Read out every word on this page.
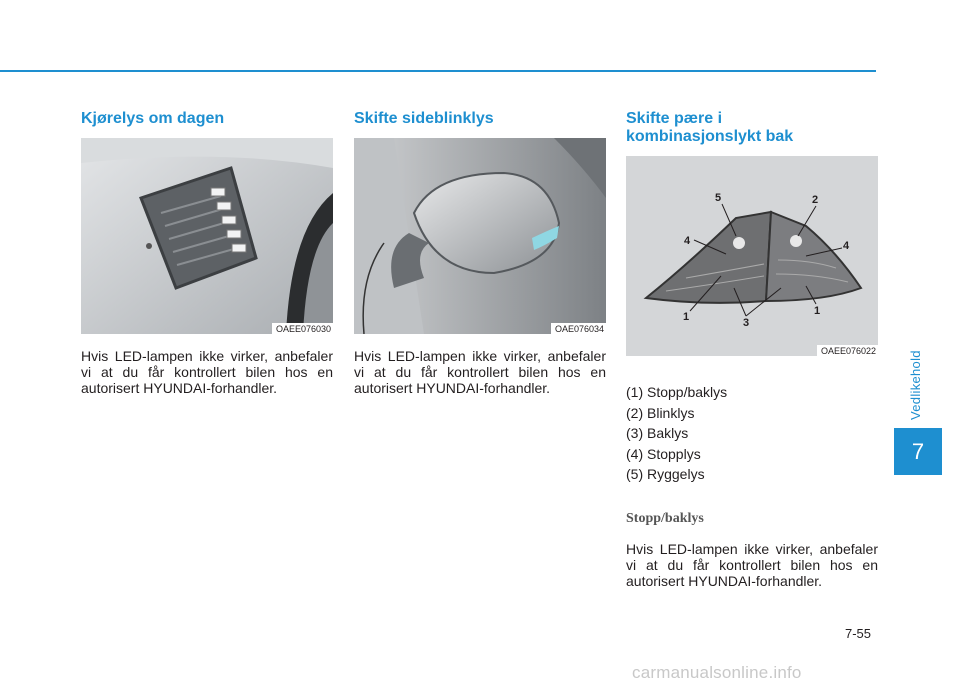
Vedlikehold
7
Kjørelys om dagen
OAEE076030

Hvis LED-lampen ikke virker, anbefaler vi at du får kontrollert bilen hos en autorisert HYUNDAI-forhandler.

Skifte sideblinklys
OAE076034

Hvis LED-lampen ikke virker, anbefaler vi at du får kontrollert bilen hos en autorisert HYUNDAI-forhandler.

Skifte pære i
kombinasjonslykt bak
5	2
4	4
1	3
1
OAEE076022
(1) Stopp/baklys
(2) Blinklys
(3) Baklys
(4) Stopplys
(5) Ryggelys
Stopp/baklys

Hvis LED-lampen ikke virker, anbefaler vi at du får kontrollert bilen hos en autorisert HYUNDAI-forhandler.

7-55
carmanualsonline.info
